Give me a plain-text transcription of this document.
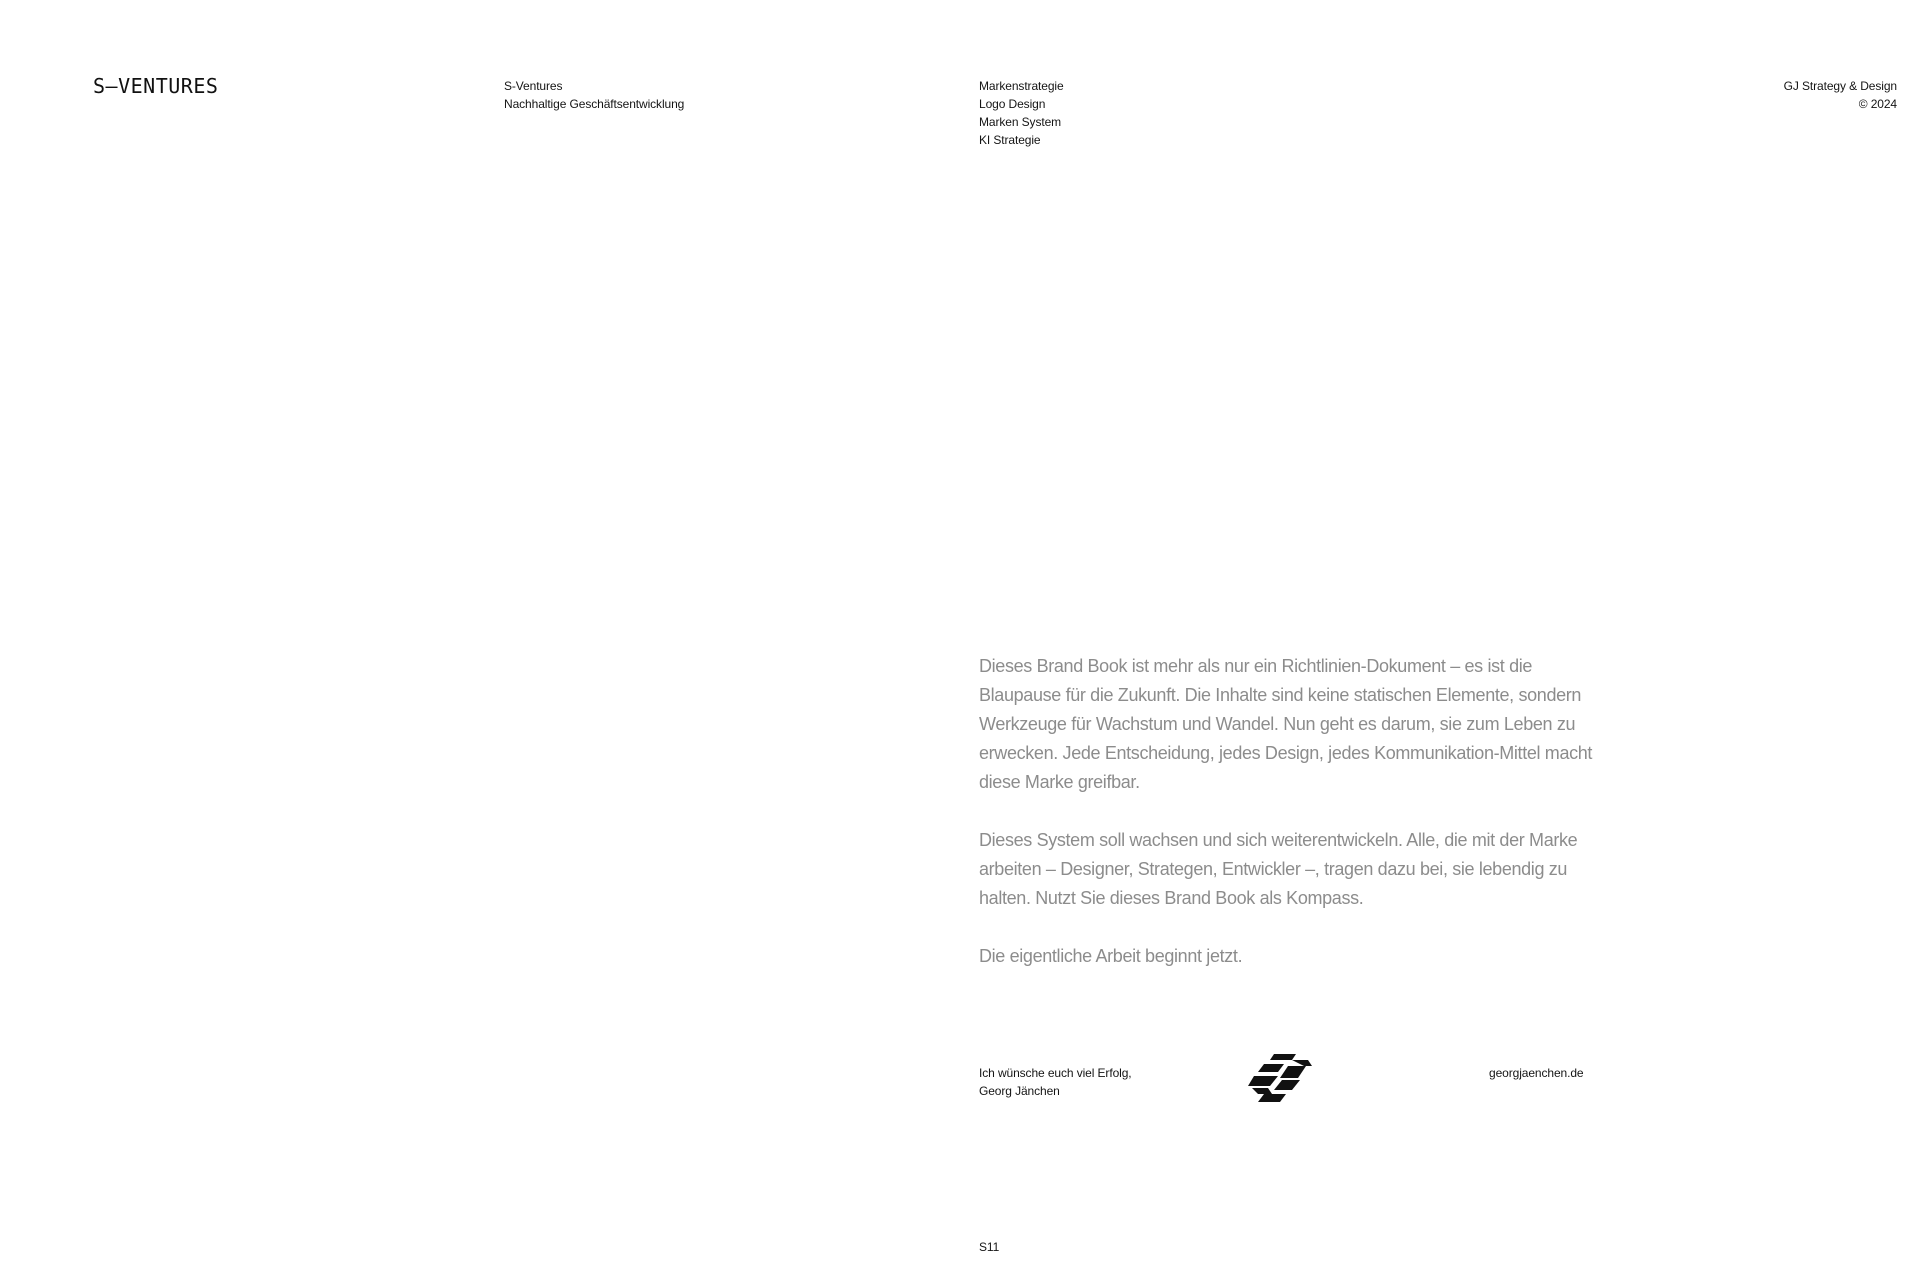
S—VENTURES	S-Ventures
Nachhaltige Geschäftsentwicklung
Markenstrategie
Logo Design
Marken System
KI Strategie
GJ Strategy & Design
© 2024

Dieses Brand Book ist mehr als nur ein Richtlinien-Dokument – es ist die Blaupause für die Zukunft. Die Inhalte sind keine statischen Elemente, sondern Werkzeuge für Wachstum und Wandel. Nun geht es darum, sie zum Leben zu erwecken. Jede Entscheidung, jedes Design, jedes Kommunikation-Mittel macht diese Marke greifbar.

Dieses System soll wachsen und sich weiterentwickeln. Alle, die mit der Marke arbeiten – Designer, Strategen, Entwickler –, tragen dazu bei, sie lebendig zu halten. Nutzt Sie dieses Brand Book als Kompass.

Die eigentliche Arbeit beginnt jetzt.

Ich wünsche euch viel Erfolg,
Georg Jänchen
georgjaenchen.de
S11
